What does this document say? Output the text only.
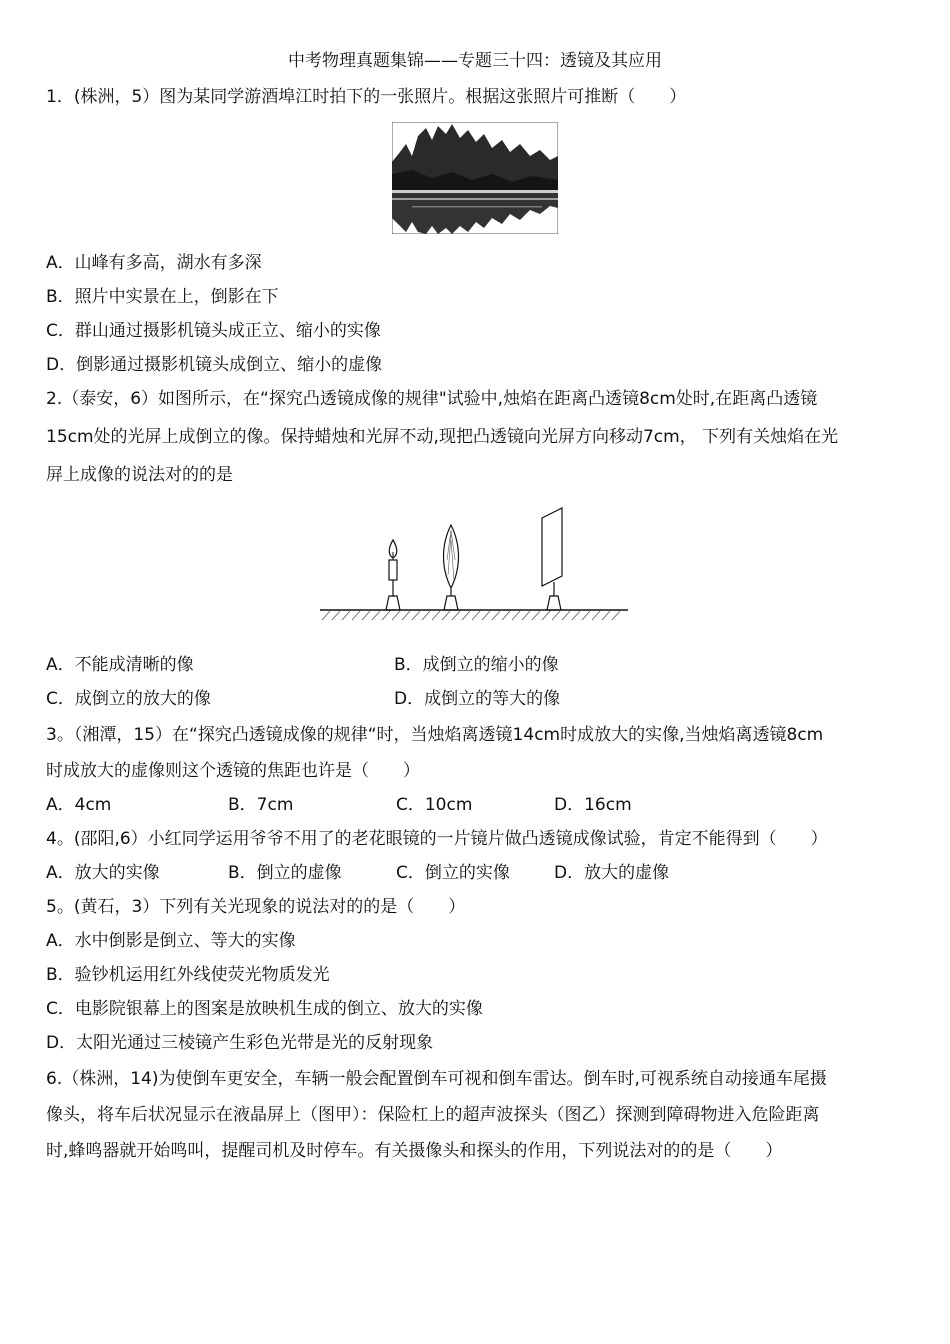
中考物理真题集锦——专题三十四：透镜及其应用
1．(株洲，5）图为某同学游酒埠江时拍下的一张照片。根据这张照片可推断（　　）
A．山峰有多高，湖水有多深
B．照片中实景在上，倒影在下
C．群山通过摄影机镜头成正立、缩小的实像
D．倒影通过摄影机镜头成倒立、缩小的虚像
2.（泰安，6）如图所示，在“探究凸透镜成像的规律"试验中,烛焰在距离凸透镜8cm处时,在距离凸透镜
15cm处的光屏上成倒立的像。保持蜡烛和光屏不动,现把凸透镜向光屏方向移动7cm， 下列有关烛焰在光
屏上成像的说法对的的是
A．不能成清晰的像	B．成倒立的缩小的像
C．成倒立的放大的像	D．成倒立的等大的像
3。（湘潭，15）在“探究凸透镜成像的规律“时，当烛焰离透镜14cm时成放大的实像,当烛焰离透镜8cm
时成放大的虚像则这个透镜的焦距也许是（　　）
A．4cm	B．7cm	C．10cm	D．16cm
4。(邵阳,6）小红同学运用爷爷不用了的老花眼镜的一片镜片做凸透镜成像试验，肯定不能得到（　　）
A．放大的实像	B．倒立的虚像	C．倒立的实像	D．放大的虚像
5。(黄石，3）下列有关光现象的说法对的的是（　　）
A．水中倒影是倒立、等大的实像
B．验钞机运用红外线使荧光物质发光
C．电影院银幕上的图案是放映机生成的倒立、放大的实像
D．太阳光通过三棱镜产生彩色光带是光的反射现象
6.（株洲，14)为使倒车更安全，车辆一般会配置倒车可视和倒车雷达。倒车时,可视系统自动接通车尾摄
像头，将车后状况显示在液晶屏上（图甲）：保险杠上的超声波探头（图乙）探测到障碍物进入危险距离
时,蜂鸣器就开始鸣叫，提醒司机及时停车。有关摄像头和探头的作用，下列说法对的的是（　　）
